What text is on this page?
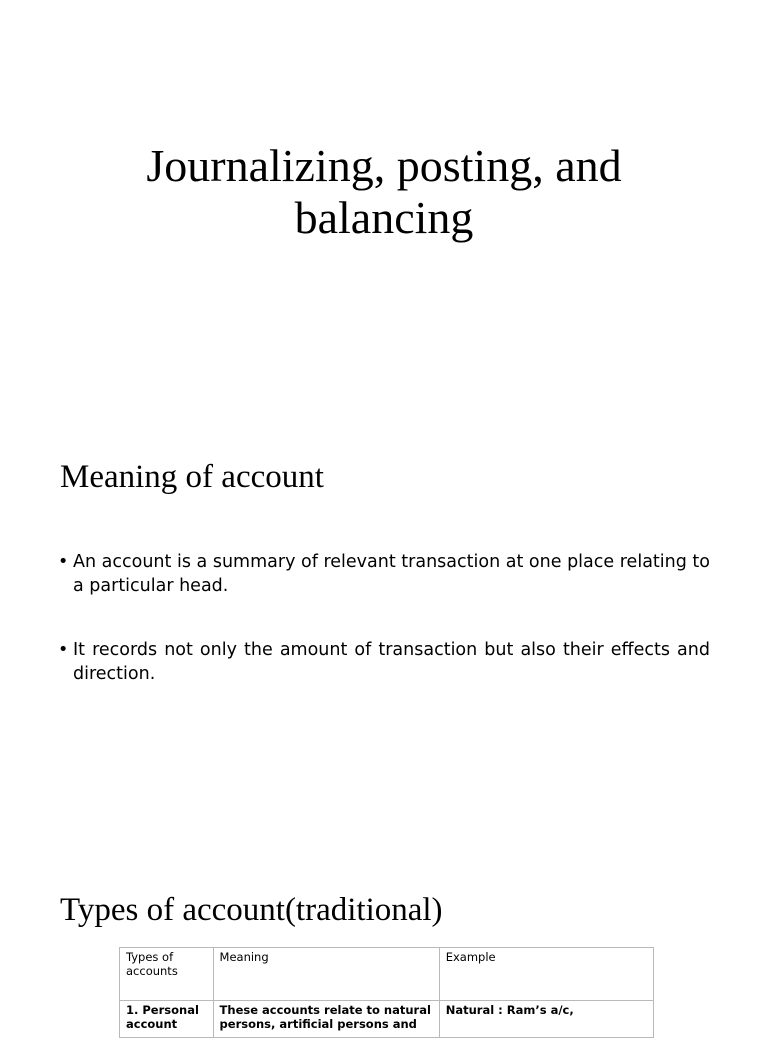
Journalizing, posting, and balancing
Meaning of account
• An account is a summary of relevant transaction at one place relating to a particular head.
• It records not only the amount of transaction but also their effects and direction.
Types of account(traditional)
Types of accounts	Meaning	Example
1. Personal account	These accounts relate to natural persons, artificial persons and	Natural : Ram’s a/c,
